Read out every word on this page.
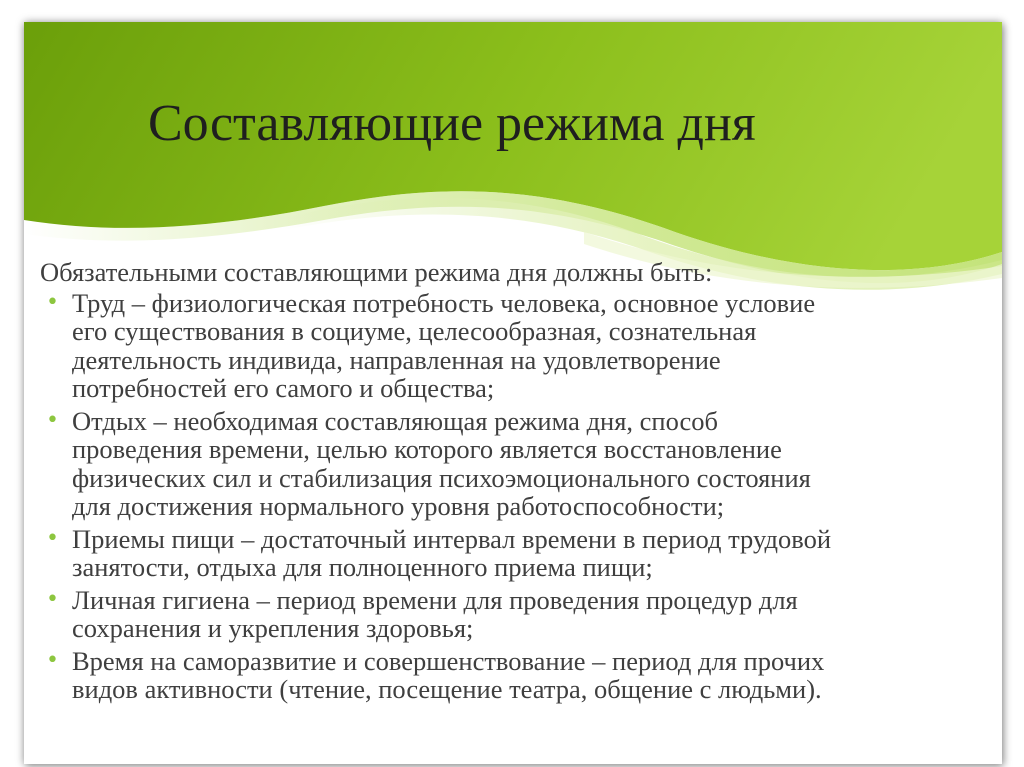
Составляющие режима дня

Обязательными составляющими режима дня должны быть:

• Труд – физиологическая потребность человека, основное условие
его существования в социуме, целесообразная, сознательная
деятельность индивида, направленная на удовлетворение
потребностей его самого и общества;
• Отдых – необходимая составляющая режима дня, способ
проведения времени, целью которого является восстановление
физических сил и стабилизация психоэмоционального состояния
для достижения нормального уровня работоспособности;
• Приемы пищи – достаточный интервал времени в период трудовой
занятости, отдыха для полноценного приема пищи;
• Личная гигиена – период времени для проведения процедур для
сохранения и укрепления здоровья;
• Время на саморазвитие и совершенствование – период для прочих
видов активности (чтение, посещение театра, общение с людьми).
